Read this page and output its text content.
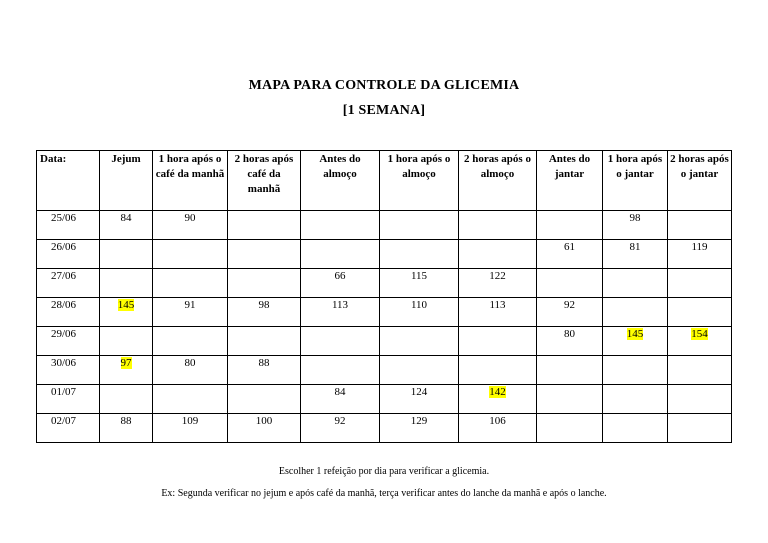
MAPA PARA CONTROLE DA GLICEMIA
[1 SEMANA]
Data:	Jejum	1 hora após o café da manhã	2 horas após café da manhã	Antes do almoço	1 hora após o almoço	2 horas após o almoço	Antes do jantar	1 hora após o jantar	2 horas após o jantar
25/06	84	90						98	
26/06							61	81	119
27/06				66	115	122			
28/06	145	91	98	113	110	113	92		
29/06							80	145	154
30/06	97	80	88						
01/07				84	124	142			
02/07	88	109	100	92	129	106			
Escolher 1 refeição por dia para verificar a glicemia.
Ex: Segunda verificar no jejum e após café da manhã, terça verificar antes do lanche da manhã e após o lanche.
